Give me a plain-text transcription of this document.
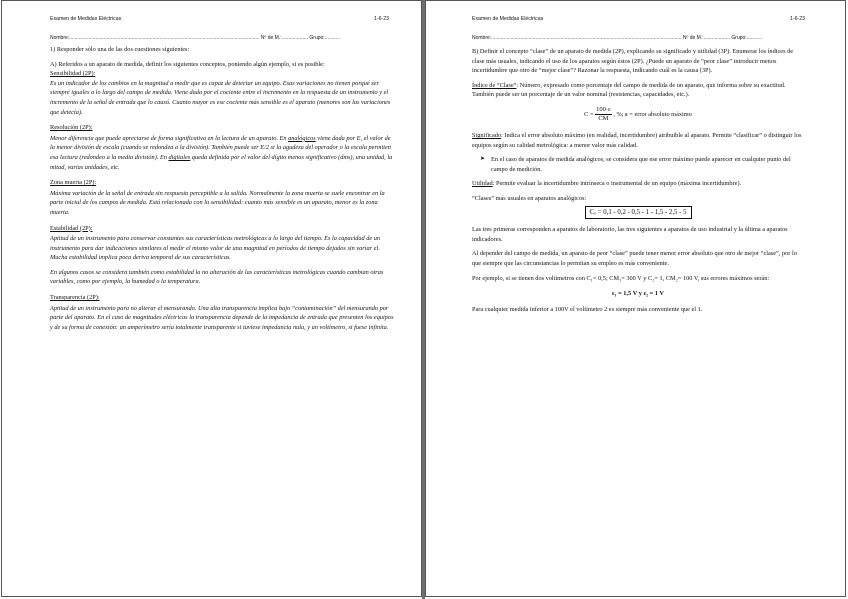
Examen de Medidas Eléctricas	1-6-23
Nombre:......................................................................................................................................... Nº de M.:................... Grupo:...........

1) Responder sólo una de las dos cuestiones siguientes:

A) Referidos a un aparato de medida, definir los siguientes conceptos, poniendo algún ejemplo, si es posible:

Sensibilidad (2P):

Es un indicador de los cambios en la magnitud a medir que es capaz de detectar un equipo. Esas variaciones no tienen porqué ser siempre iguales a lo largo del campo de medida. Viene dada por el cociente entre el incremento en la respuesta de un instrumento y el incremento de la señal de entrada que lo causó. Cuanto mayor es ese cociente más sensible es el aparato (menores son las variaciones que detecta).

Resolución (2P):

Menor diferencia que puede apreciarse de forma significativa en la lectura de un aparato. En analógicos viene dada por E, el valor de la menor división de escala (cuando se redondea a la división). También puede ser E/2 si la agudeza del operador o la escala permiten esa lectura (redondeo a la media división). En digitales queda definida por el valor del dígito menos significativo (dms), una unidad, la mitad, varias unidades, etc.

Zona muerta (2P):

Máxima variación de la señal de entrada sin respuesta perceptible a la salida. Normalmente la zona muerta se suele encontrar en la parte inicial de los campos de medida. Está relacionada con la sensibilidad: cuanto más sensible es un aparato, menor es la zona muerta.

Estabilidad (2P):

Aptitud de un instrumento para conservar constantes sus características metrológicas a lo largo del tiempo. Es la capacidad de un instrumento para dar indicaciones similares al medir el mismo valor de una magnitud en períodos de tiempo dejados sin variar el. Mucha estabilidad implica poca deriva temporal de sus características.

En algunos casos se considera también como estabilidad la no alteración de las características metrológicas cuando cambian otras variables, como por ejemplo, la humedad o la temperatura.

Transparencia (2P):

Aptitud de un instrumento para no alterar el mensurando. Una alta transparencia implica bajo “contaminación” del mensurando por parte del aparato. En el caso de magnitudes eléctricas la transparencia depende de la impedancia de entrada que presenten los equipos y de su forma de conexión: un amperímetro sería totalmente transparente si tuviese impedancia nula, y un voltímetro, si fuese infinita.

Examen de Medidas Eléctricas	1-6-23
Nombre:......................................................................................................................................... Nº de M.:................... Grupo:...........

B) Definir el concepto “clase” de un aparato de medida (2P), explicando su significado y utilidad (3P). Enumerar los índices de clase más usuales, indicando el uso de los aparatos según éstos (2P). ¿Puede un aparato de “peor clase” introducir menos incertidumbre que otro de “mejor clase”? Razonar la respuesta, indicando cuál es la causa (3P).

Índice de “Clase”: Número, expresado como porcentaje del campo de medida de un aparato, que informa sobre su exactitud. También puede ser un porcentaje de un valor nominal (resistencias, capacidades, etc.).

$C = \frac{100\cdot\varepsilon}{CM}$ , %; ε = error absoluto máximo

Significado: Indica el error absoluto máximo (en realidad, incertidumbre) atribuible al aparato. Permite “clasificar” o distinguir los equipos según su calidad metrológica: a menor valor más calidad.

➤ En el caso de aparatos de medida analógicos, se considera que ese error máximo puede aparecer en cualquier punto del campo de medición.

Utilidad: Permite evaluar la incertidumbre intrínseca o instrumental de un equipo (máxima incertidumbre).

“Clases” más usuales en aparatos analógicos:

Cₓ = 0,1 - 0,2 - 0,5 - 1 - 1,5 - 2,5 - 5

Las tres primeras corresponden a aparatos de laboratorio, las tres siguientes a aparatos de uso industrial y la última a aparatos indicadores.

Al depender del campo de medida, un aparato de peor “clase” puede tener menor error absoluto que otro de mejor “clase”, por lo que siempre que las circunstancias lo permitan su empleo es más conveniente.

Por ejemplo, si se tienen dos voltímetros con C₁= 0,5; CM₁= 300 V y C₂= 1, CM₂= 100 V, sus errores máximos serán:

ε₁ = 1,5 V y ε₂ = 1 V

Para cualquier medida inferior a 100V el voltímetro 2 es siempre más conveniente que el 1.
